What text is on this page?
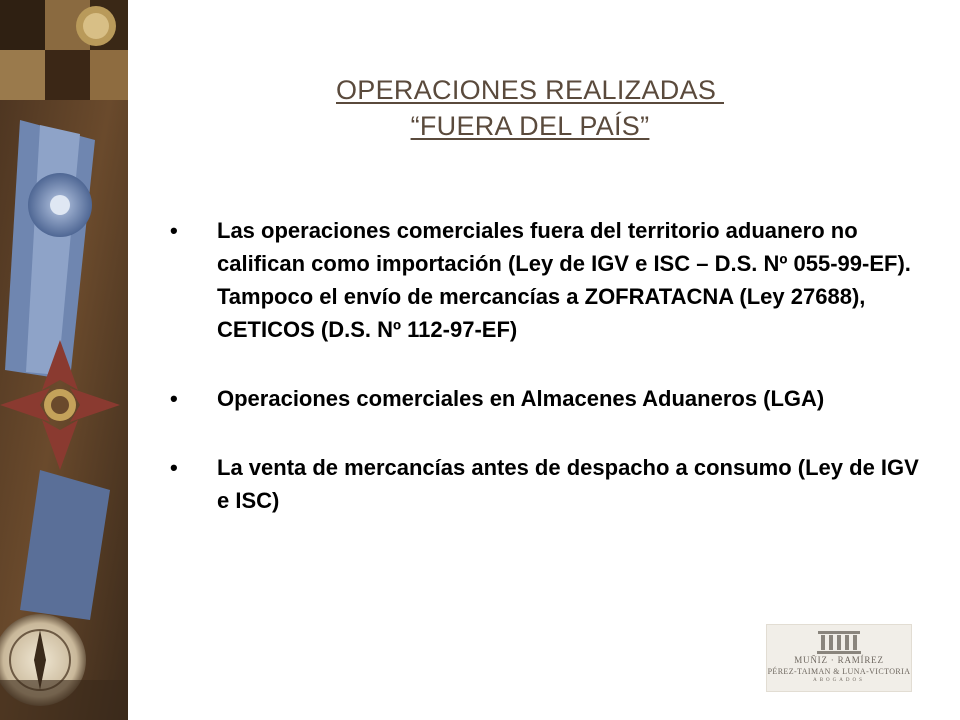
OPERACIONES REALIZADAS
“FUERA DEL PAÍS”
• Las operaciones comerciales fuera del territorio aduanero no califican como importación (Ley de IGV e ISC – D.S. Nº 055-99-EF). Tampoco el envío de mercancías a ZOFRATACNA (Ley 27688), CETICOS (D.S. Nº 112-97-EF)
• Operaciones comerciales en Almacenes Aduaneros (LGA)
• La venta de mercancías antes de despacho a consumo (Ley de IGV e ISC)
MUÑIZ · RAMÍREZ
PÉREZ-TAIMAN & LUNA-VICTORIA
ABOGADOS
